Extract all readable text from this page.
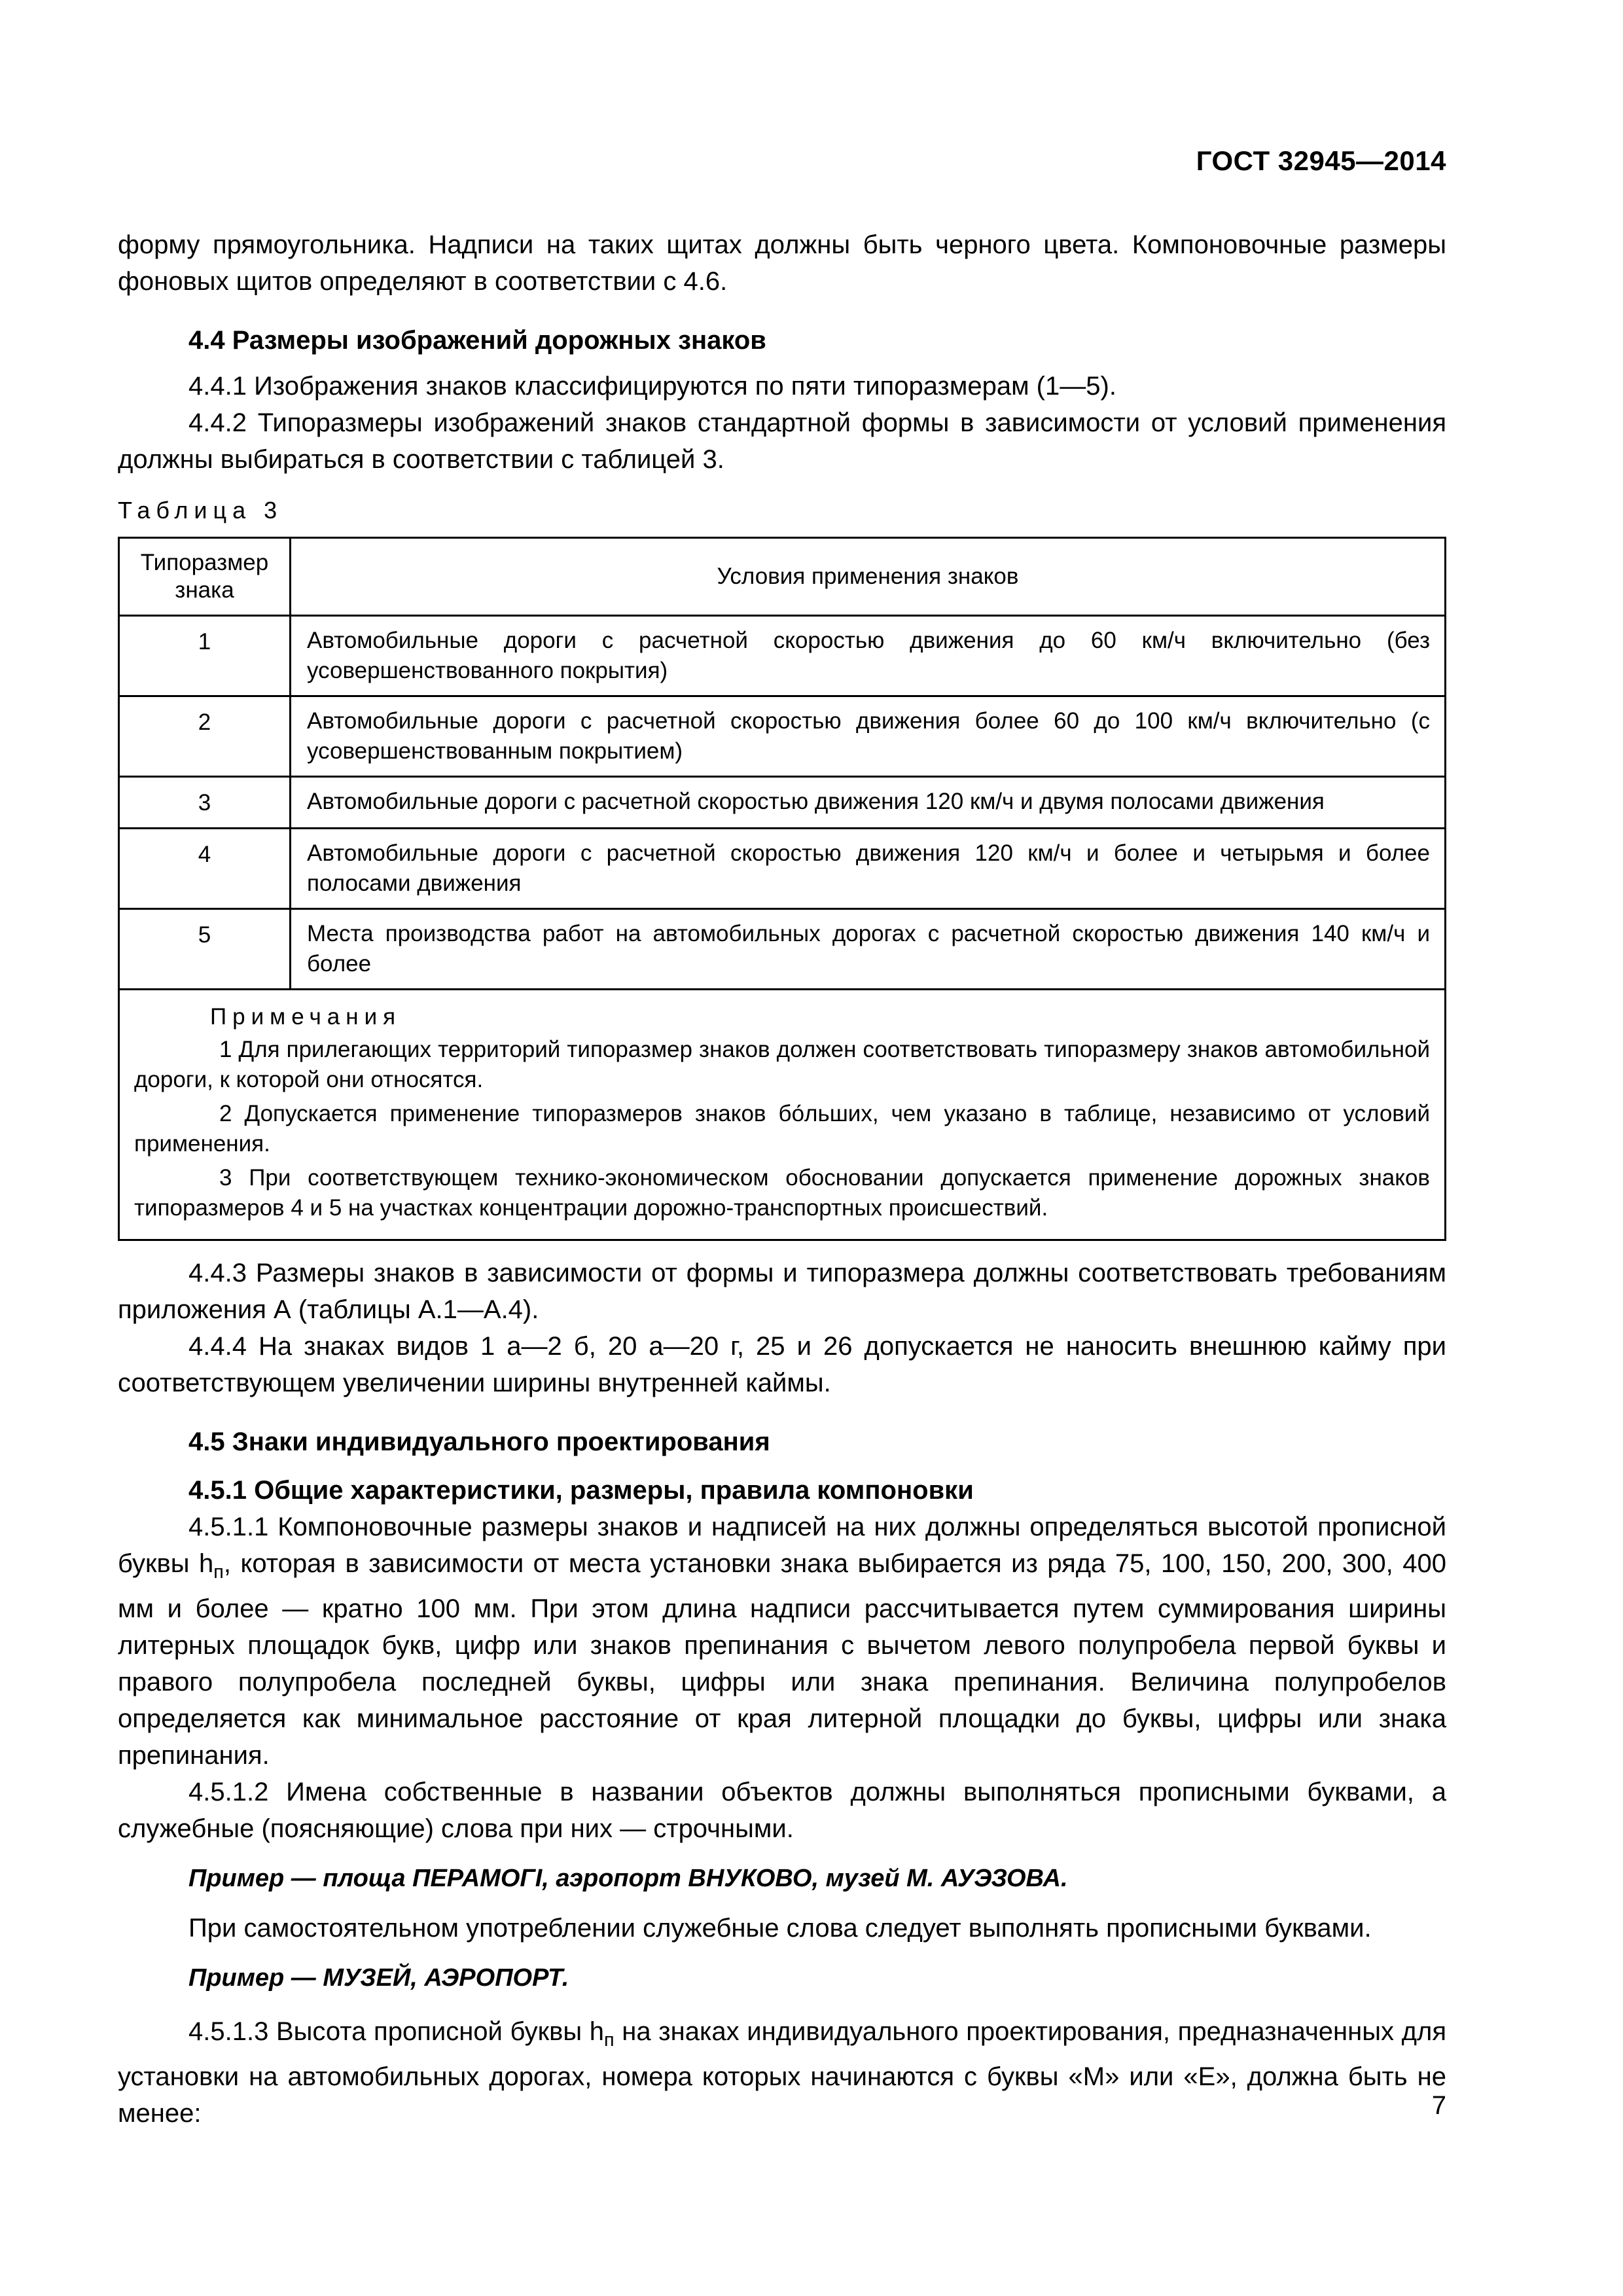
ГОСТ 32945—2014

форму прямоугольника. Надписи на таких щитах должны быть черного цвета. Компоновочные размеры фоновых щитов определяют в соответствии с 4.6.

4.4 Размеры изображений дорожных знаков

4.4.1 Изображения знаков классифицируются по пяти типоразмерам (1—5).

4.4.2 Типоразмеры изображений знаков стандартной формы в зависимости от условий применения должны выбираться в соответствии с таблицей 3.

Таблица 3

Типоразмер знака	Условия применения знаков
1	Автомобильные дороги с расчетной скоростью движения до 60 км/ч включительно (без усовершенствованного покрытия)
2	Автомобильные дороги с расчетной скоростью движения более 60 до 100 км/ч включительно (с усовершенствованным покрытием)
3	Автомобильные дороги с расчетной скоростью движения 120 км/ч и двумя полосами движения
4	Автомобильные дороги с расчетной скоростью движения 120 км/ч и более и четырьмя и более полосами движения
5	Места производства работ на автомобильных дорогах с расчетной скоростью движения 140 км/ч и более

Примечания

1 Для прилегающих территорий типоразмер знаков должен соответствовать типоразмеру знаков автомобильной дороги, к которой они относятся.

2 Допускается применение типоразмеров знаков бо́льших, чем указано в таблице, независимо от условий применения.

3 При соответствующем технико-экономическом обосновании допускается применение дорожных знаков типоразмеров 4 и 5 на участках концентрации дорожно-транспортных происшествий.	

4.4.3 Размеры знаков в зависимости от формы и типоразмера должны соответствовать требованиям приложения А (таблицы А.1—А.4).

4.4.4 На знаках видов 1 а—2 б, 20 а—20 г, 25 и 26 допускается не наносить внешнюю кайму при соответствующем увеличении ширины внутренней каймы.

4.5 Знаки индивидуального проектирования

4.5.1 Общие характеристики, размеры, правила компоновки

4.5.1.1 Компоновочные размеры знаков и надписей на них должны определяться высотой прописной буквы $h_п$, которая в зависимости от места установки знака выбирается из ряда 75, 100, 150, 200, 300, 400 мм и более — кратно 100 мм. При этом длина надписи рассчитывается путем суммирования ширины литерных площадок букв, цифр или знаков препинания с вычетом левого полупробела первой буквы и правого полупробела последней буквы, цифры или знака препинания. Величина полупробелов определяется как минимальное расстояние от края литерной площадки до буквы, цифры или знака препинания.

4.5.1.2 Имена собственные в названии объектов должны выполняться прописными буквами, а служебные (поясняющие) слова при них — строчными.

Пример — площа ПЕРАМОГІ, аэропорт ВНУКОВО, музей М. АУЭЗОВА.

При самостоятельном употреблении служебные слова следует выполнять прописными буквами.

Пример — МУЗЕЙ, АЭРОПОРТ.

4.5.1.3 Высота прописной буквы $h_п$ на знаках индивидуального проектирования, предназначенных для установки на автомобильных дорогах, номера которых начинаются с буквы «М» или «Е», должна быть не менее:	7
